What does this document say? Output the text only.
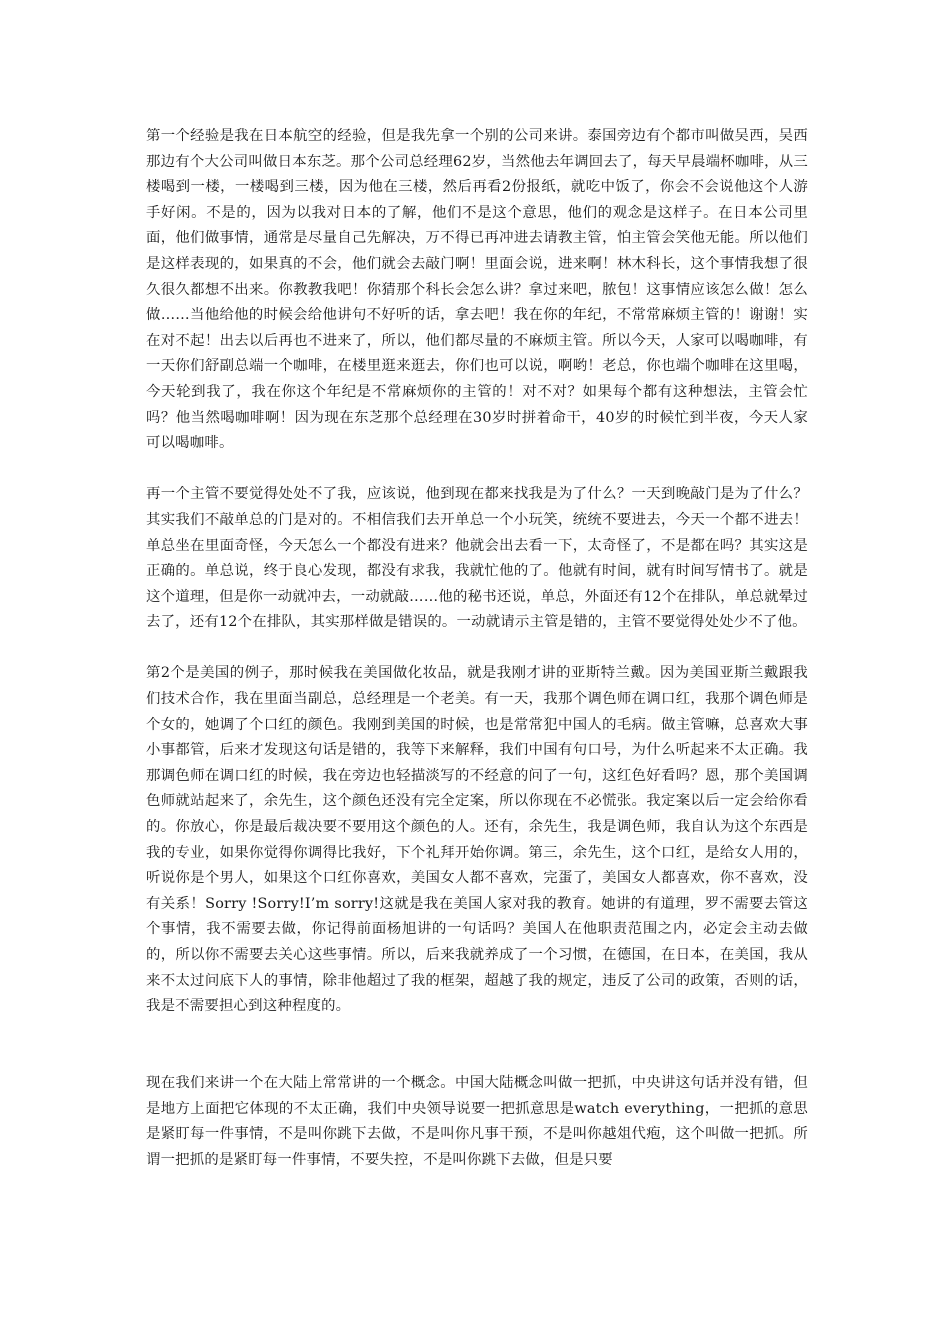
第一个经验是我在日本航空的经验，但是我先拿一个别的公司来讲。泰国旁边有个都市叫做吴西，吴西那边有个大公司叫做日本东芝。那个公司总经理62岁，当然他去年调回去了，每天早晨端杯咖啡，从三楼喝到一楼，一楼喝到三楼，因为他在三楼，然后再看2份报纸，就吃中饭了，你会不会说他这个人游手好闲。不是的，因为以我对日本的了解，他们不是这个意思，他们的观念是这样子。在日本公司里面，他们做事情，通常是尽量自己先解决，万不得已再冲进去请教主管，怕主管会笑他无能。所以他们是这样表现的，如果真的不会，他们就会去敲门啊！里面会说，进来啊！林木科长，这个事情我想了很久很久都想不出来。你教教我吧！你猜那个科长会怎么讲？拿过来吧，脓包！这事情应该怎么做！怎么做……当他给他的时候会给他讲句不好听的话，拿去吧！我在你的年纪，不常常麻烦主管的！谢谢！实在对不起！出去以后再也不进来了，所以，他们都尽量的不麻烦主管。所以今天，人家可以喝咖啡，有一天你们舒副总端一个咖啡，在楼里逛来逛去，你们也可以说，啊哟！老总，你也端个咖啡在这里喝，今天轮到我了，我在你这个年纪是不常麻烦你的主管的！对不对？如果每个都有这种想法，主管会忙吗？他当然喝咖啡啊！因为现在东芝那个总经理在30岁时拼着命干，40岁的时候忙到半夜，今天人家可以喝咖啡。

再一个主管不要觉得处处不了我，应该说，他到现在都来找我是为了什么？一天到晚敲门是为了什么？其实我们不敲单总的门是对的。不相信我们去开单总一个小玩笑，统统不要进去，今天一个都不进去！单总坐在里面奇怪，今天怎么一个都没有进来？他就会出去看一下，太奇怪了，不是都在吗？其实这是正确的。单总说，终于良心发现，都没有求我，我就忙他的了。他就有时间，就有时间写情书了。就是这个道理，但是你一动就冲去，一动就敲……他的秘书还说，单总，外面还有12个在排队，单总就晕过去了，还有12个在排队，其实那样做是错误的。一动就请示主管是错的，主管不要觉得处处少不了他。

第2个是美国的例子，那时候我在美国做化妆品，就是我刚才讲的亚斯特兰戴。因为美国亚斯兰戴跟我们技术合作，我在里面当副总，总经理是一个老美。有一天，我那个调色师在调口红，我那个调色师是个女的，她调了个口红的颜色。我刚到美国的时候，也是常常犯中国人的毛病。做主管嘛，总喜欢大事小事都管，后来才发现这句话是错的，我等下来解释，我们中国有句口号，为什么听起来不太正确。我那调色师在调口红的时候，我在旁边也轻描淡写的不经意的问了一句，这红色好看吗？恩，那个美国调色师就站起来了，余先生，这个颜色还没有完全定案，所以你现在不必慌张。我定案以后一定会给你看的。你放心，你是最后裁决要不要用这个颜色的人。还有，余先生，我是调色师，我自认为这个东西是我的专业，如果你觉得你调得比我好，下个礼拜开始你调。第三，余先生，这个口红，是给女人用的，听说你是个男人，如果这个口红你喜欢，美国女人都不喜欢，完蛋了，美国女人都喜欢，你不喜欢，没有关系！Sorry !Sorry!I’m sorry!这就是我在美国人家对我的教育。她讲的有道理，罗不需要去管这个事情，我不需要去做，你记得前面杨旭讲的一句话吗？美国人在他职责范围之内，必定会主动去做的，所以你不需要去关心这些事情。所以，后来我就养成了一个习惯，在德国，在日本，在美国，我从来不太过问底下人的事情，除非他超过了我的框架，超越了我的规定，违反了公司的政策，否则的话，我是不需要担心到这种程度的。

现在我们来讲一个在大陆上常常讲的一个概念。中国大陆概念叫做一把抓，中央讲这句话并没有错，但是地方上面把它体现的不太正确，我们中央领导说要一把抓意思是watch everything，一把抓的意思是紧盯每一件事情，不是叫你跳下去做，不是叫你凡事干预，不是叫你越俎代疱，这个叫做一把抓。所谓一把抓的是紧盯每一件事情，不要失控，不是叫你跳下去做，但是只要
